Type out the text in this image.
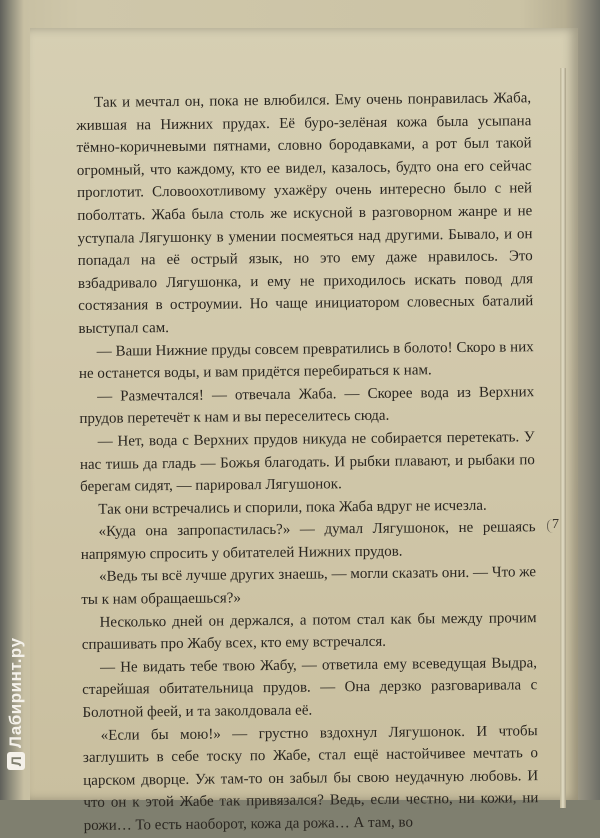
Так и мечтал он, пока не влюбился. Ему очень понравилась Жаба, жившая на Нижних прудах. Её буро-зелёная кожа была усыпана тёмно-коричневыми пятнами, словно бородавками, а рот был такой огромный, что каждому, кто ее видел, казалось, будто она его сейчас проглотит. Словоохотливому ухажёру очень интересно было с ней поболтать. Жаба была столь же искусной в разговорном жанре и не уступала Лягушонку в умении посмеяться над другими. Бывало, и он попадал на её острый язык, но это ему даже нравилось. Это взбадривало Лягушонка, и ему не приходилось искать повод для состязания в остроумии. Но чаще инициатором словесных баталий выступал сам.

— Ваши Нижние пруды совсем превратились в болото! Скоро в них не останется воды, и вам придётся перебираться к нам.

— Размечтался! — отвечала Жаба. — Скорее вода из Верхних прудов перетечёт к нам и вы переселитесь сюда.

— Нет, вода с Верхних прудов никуда не собирается перетекать. У нас тишь да гладь — Божья благодать. И рыбки плавают, и рыбаки по берегам сидят, — парировал Лягушонок.

Так они встречались и спорили, пока Жаба вдруг не исчезла.

«Куда она запропастилась?» — думал Лягушонок, не решаясь напрямую спросить у обитателей Нижних прудов.

«Ведь ты всё лучше других знаешь, — могли сказать они. — Что же ты к нам обращаешься?»

Несколько дней он держался, а потом стал как бы между прочим спрашивать про Жабу всех, кто ему встречался.

— Не видать тебе твою Жабу, — ответила ему всеведущая Выдра, старейшая обитательница прудов. — Она дерзко разговаривала с Болотной феей, и та заколдовала её.

«Если бы мою!» — грустно вздохнул Лягушонок. И чтобы заглушить в себе тоску по Жабе, стал ещё настойчивее мечтать о царском дворце. Уж там-то он забыл бы свою неудачную любовь. И что он к этой Жабе так привязался? Ведь, если честно, ни кожи, ни рожи… То есть наоборот, кожа да рожа… А там, во

7
Л
Лабиринт.ру
